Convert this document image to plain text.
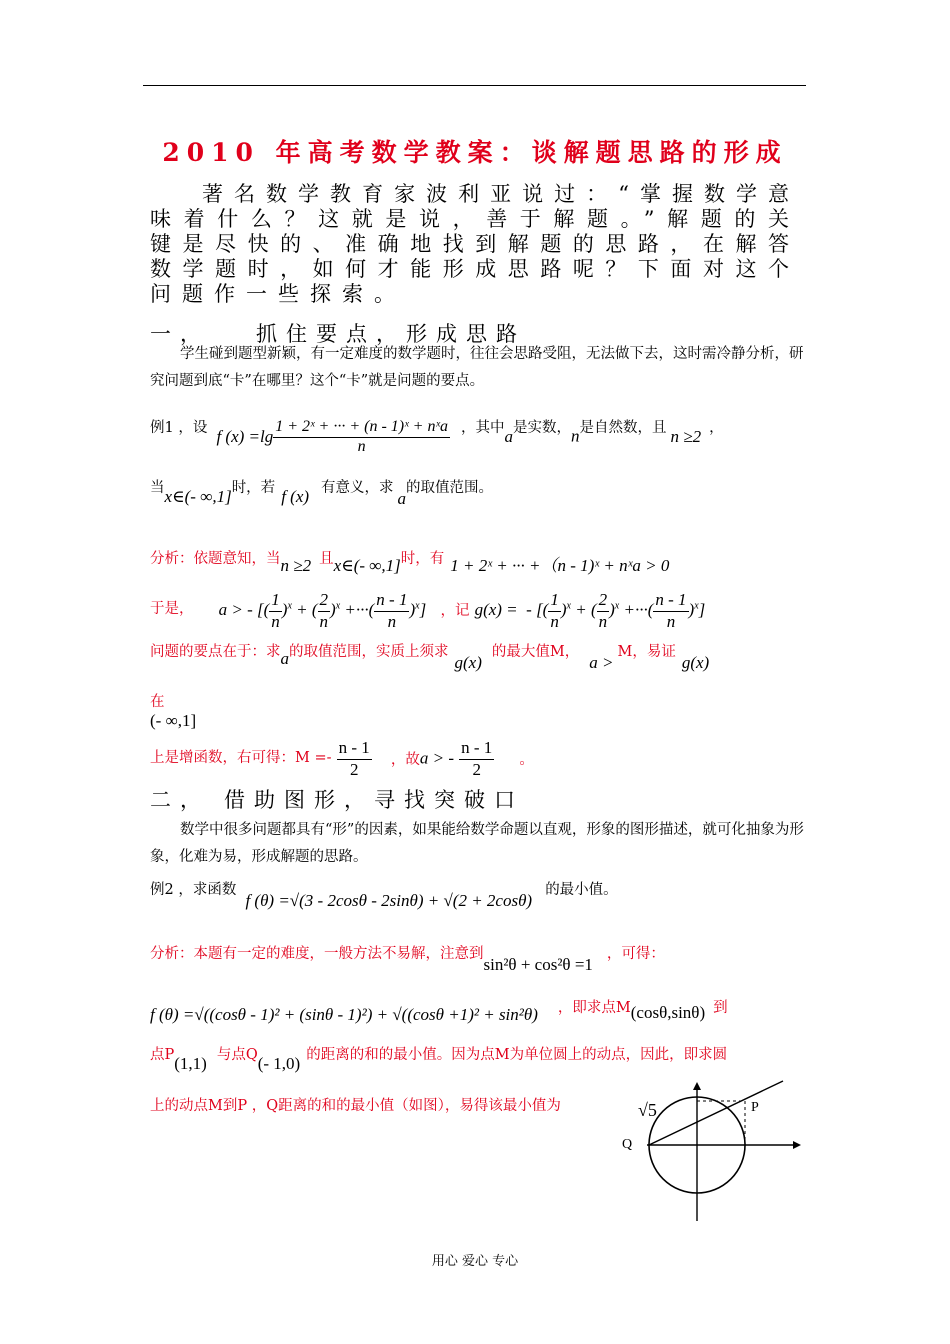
2010 年高考数学教案：谈解题思路的形成
著名数学教育家波利亚说过：“掌握数学意味着什么？这就是说，善于解题。”解题的关键是尽快的、准确地找到解题的思路，在解答数学题时，如何才能形成思路呢？下面对这个问题作一些探索。
一， 抓住要点，形成思路
学生碰到题型新颖，有一定难度的数学题时，往往会思路受阻，无法做下去，这时需冷静分析，研究问题到底“卡”在哪里？这个“卡”就是问题的要点。
例1 ，设 f $(x) =\lg \frac{\text{1 + 2ˣ + ··· + (n - 1)ˣ + nˣa}}{n}$ ，其中a是实数，n是自然数，且 n ≥2 ，
当x∈(- ∞,1]时，若 f (x) 有意义，求a的取值范围。
分析：依题意知，当n ≥2 且x∈(- ∞,1]时，有 1 + 2ˣ + ··· +（n - 1)ˣ + nˣa > 0
于是， a > - [( $\frac{1}{n} )^x$ + ( $\frac{2}{n} )^x$ +···( $\frac{n - 1}{n} )^x$] ，记 g(x) =  - [( $\frac{1}{n} )^x$ + ( $\frac{2}{n} )^x$ +···( $\frac{n - 1}{n} )^x$]
问题的要点在于：求a的取值范围，实质上须求g(x)的最大值M，a >M，易证g(x)
在
(- ∞,1]
上是增函数，右可得：$M =- \frac{n - 1}{2}$ ，故a > - $\frac{n - 1}{2}$ 。
二， 借助图形，寻找突破口
数学中很多问题都具有“形”的因素，如果能给数学命题以直观，形象的图形描述，就可化抽象为形象，化难为易，形成解题的思路。
例2 ，求函数 f (θ) =√(3 - 2cosθ - 2sinθ) + √(2 + 2cosθ) 的最小值。
分析：本题有一定的难度，一般方法不易解，注意到sin²θ + cos²θ =1，可得：
f (θ) =√((cosθ - 1)² + (sinθ - 1)²) + √((cosθ +1)² + sin²θ) ，即求点M(cosθ,sinθ) 到
点P(1,1) 与点Q(- 1,0) 的距离的和的最小值。因为点M为单位圆上的动点，因此，即求圆
上的动点M到P ，Q距离的和的最小值（如图），易得该最小值为	√5	P
Q
用心 爱心 专心
